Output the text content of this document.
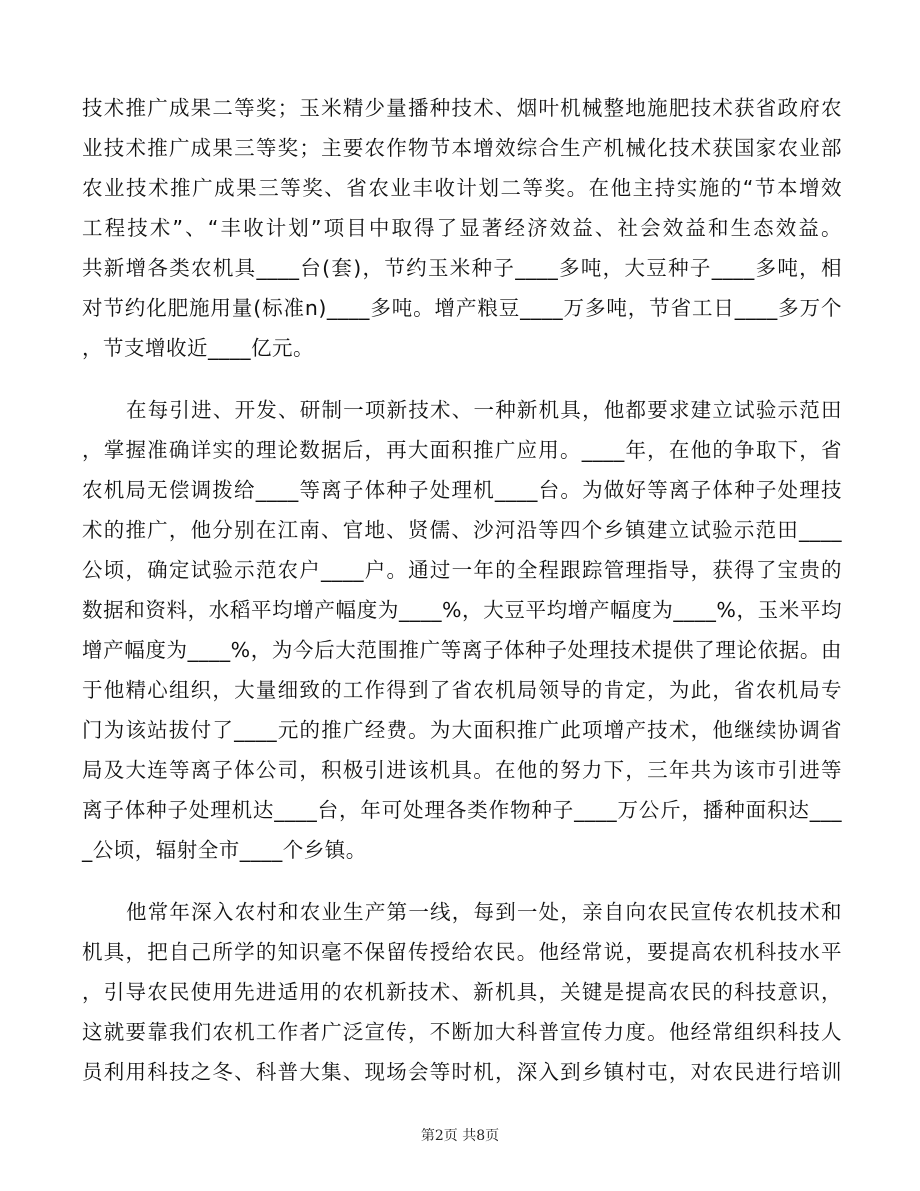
技术推广成果二等奖；玉米精少量播种技术、烟叶机械整地施肥技术获省政府农
业技术推广成果三等奖；主要农作物节本增效综合生产机械化技术获国家农业部
农业技术推广成果三等奖、省农业丰收计划二等奖。在他主持实施的“节本增效
工程技术”、“丰收计划”项目中取得了显著经济效益、社会效益和生态效益。
共新增各类农机具____台(套)，节约玉米种子____多吨，大豆种子____多吨，相
对节约化肥施用量(标准n)____多吨。增产粮豆____万多吨，节省工日____多万个
，节支增收近____亿元。
在每引进、开发、研制一项新技术、一种新机具，他都要求建立试验示范田
，掌握准确详实的理论数据后，再大面积推广应用。____年，在他的争取下，省
农机局无偿调拨给____等离子体种子处理机____台。为做好等离子体种子处理技
术的推广，他分别在江南、官地、贤儒、沙河沿等四个乡镇建立试验示范田____
公顷，确定试验示范农户____户。通过一年的全程跟踪管理指导，获得了宝贵的
数据和资料，水稻平均增产幅度为____%，大豆平均增产幅度为____%，玉米平均
增产幅度为____%，为今后大范围推广等离子体种子处理技术提供了理论依据。由
于他精心组织，大量细致的工作得到了省农机局领导的肯定，为此，省农机局专
门为该站拔付了____元的推广经费。为大面积推广此项增产技术，他继续协调省
局及大连等离子体公司，积极引进该机具。在他的努力下，三年共为该市引进等
离子体种子处理机达____台，年可处理各类作物种子____万公斤，播种面积达___
_公顷，辐射全市____个乡镇。
他常年深入农村和农业生产第一线，每到一处，亲自向农民宣传农机技术和
机具，把自己所学的知识毫不保留传授给农民。他经常说，要提高农机科技水平
，引导农民使用先进适用的农机新技术、新机具，关键是提高农民的科技意识，
这就要靠我们农机工作者广泛宣传，不断加大科普宣传力度。他经常组织科技人
员利用科技之冬、科普大集、现场会等时机，深入到乡镇村屯，对农民进行培训
第2页 共8页
